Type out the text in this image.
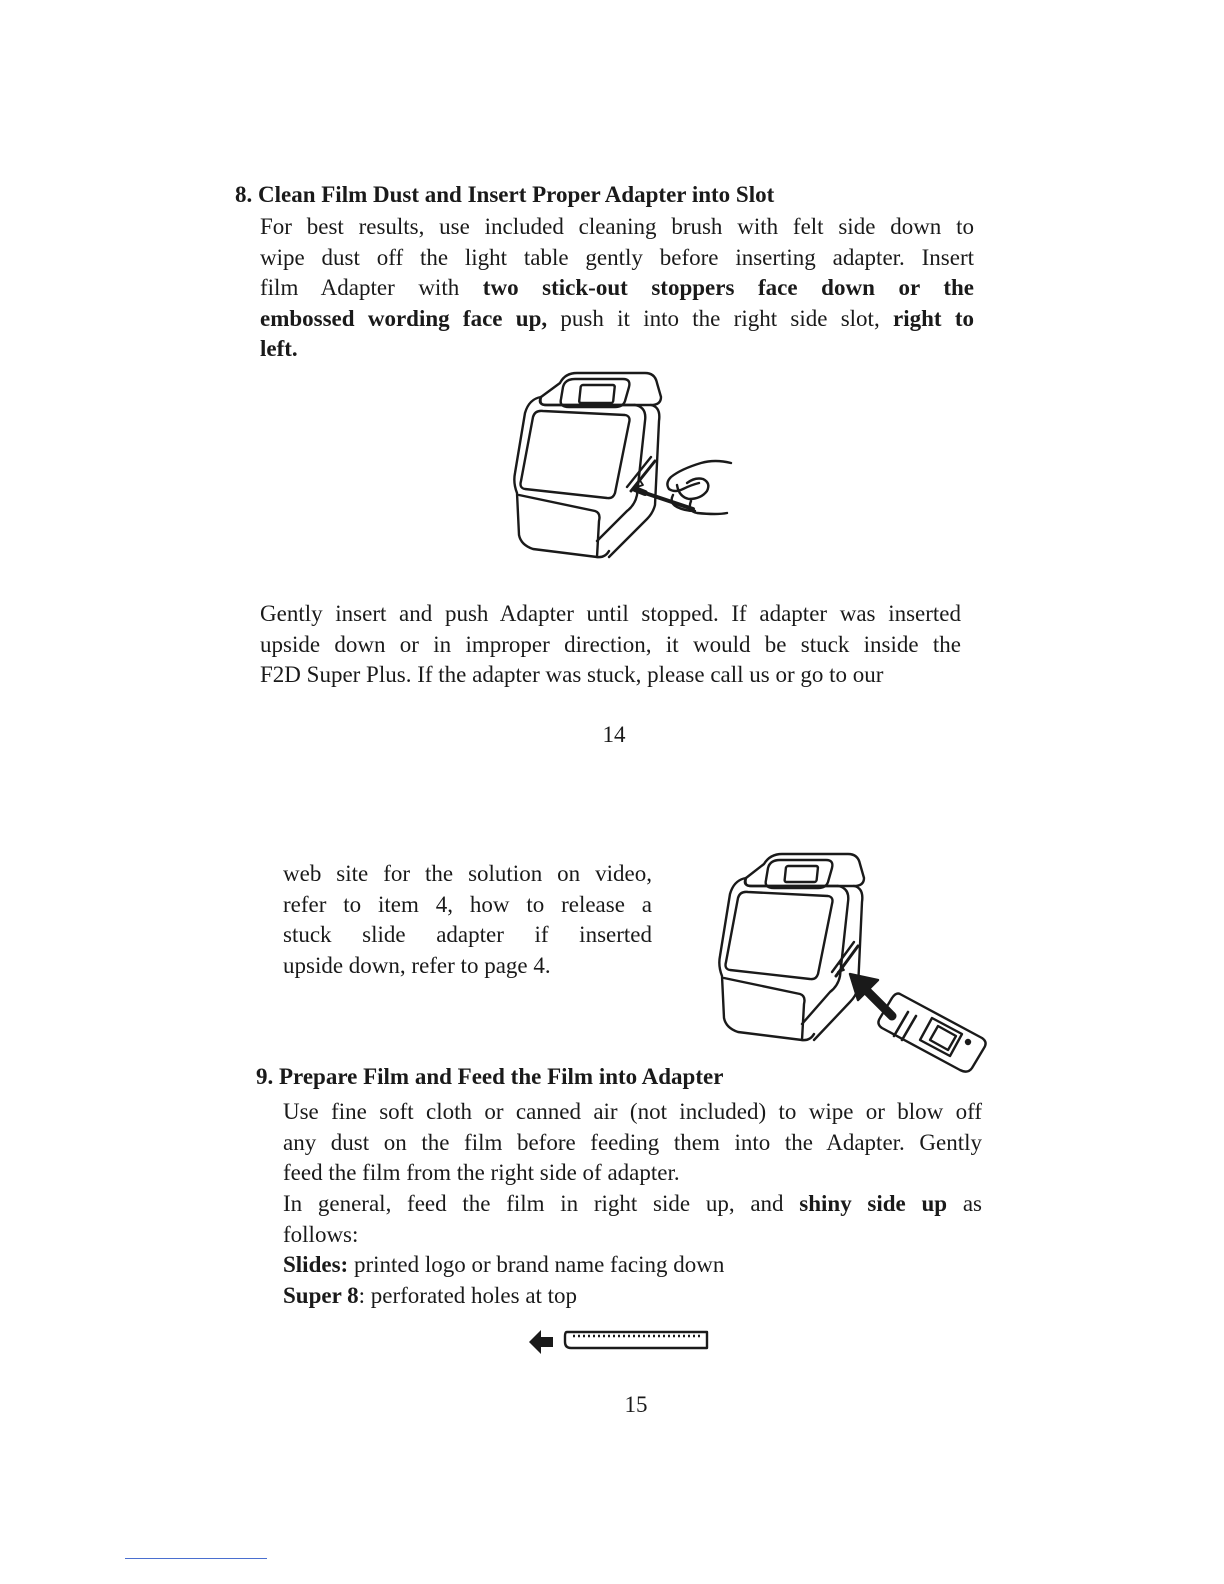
8. Clean Film Dust and Insert Proper Adapter into Slot
For best results, use included cleaning brush with felt side down to
wipe dust off the light table gently before inserting adapter. Insert
film Adapter with two stick-out stoppers face down or the
embossed wording face up, push it into the right side slot, right to
left.
Gently insert and push Adapter until stopped. If adapter was inserted
upside down or in improper direction, it would be stuck inside the
F2D Super Plus. If the adapter was stuck, please call us or go to our
14
web site for the solution on video,
refer to item 4, how to release a
stuck slide adapter if inserted
upside down, refer to page 4.
9. Prepare Film and Feed the Film into Adapter
Use fine soft cloth or canned air (not included) to wipe or blow off
any dust on the film before feeding them into the Adapter. Gently
feed the film from the right side of adapter.
In general, feed the film in right side up, and shiny side up as
follows:
Slides: printed logo or brand name facing down
Super 8: perforated holes at top
15
